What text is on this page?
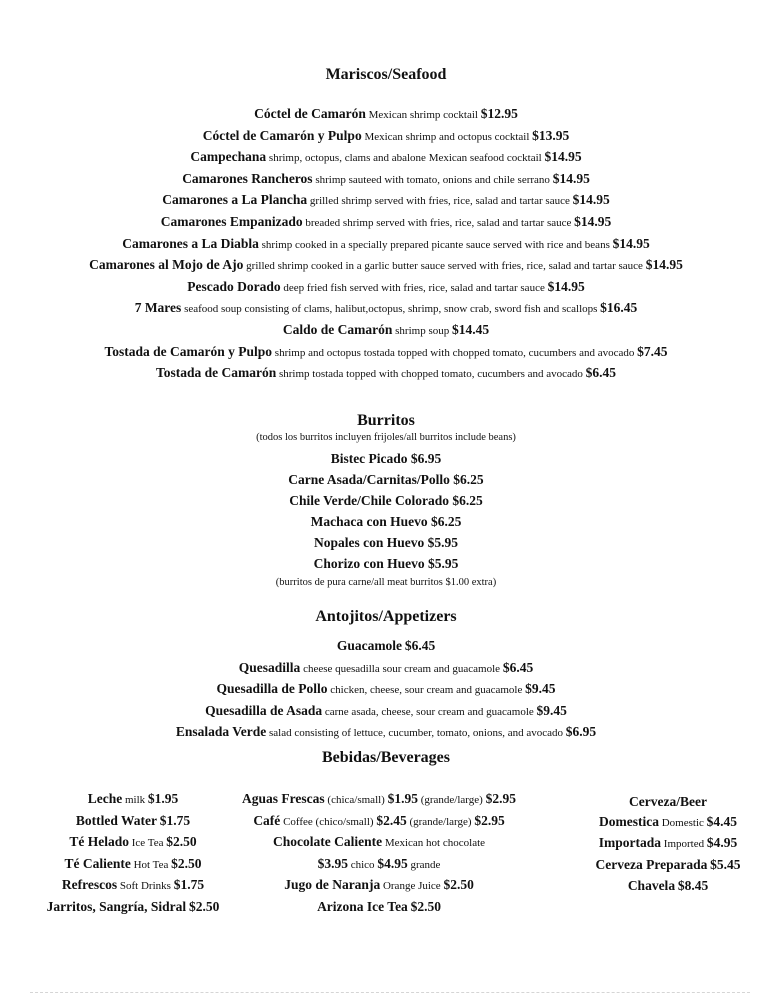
Mariscos/Seafood
Cóctel de Camarón Mexican shrimp cocktail $12.95
Cóctel de Camarón y Pulpo Mexican shrimp and octopus cocktail $13.95
Campechana shrimp, octopus, clams and abalone Mexican seafood cocktail $14.95
Camarones Rancheros shrimp sauteed with tomato, onions and chile serrano $14.95
Camarones a La Plancha grilled shrimp served with fries, rice, salad and tartar sauce $14.95
Camarones Empanizado breaded shrimp served with fries, rice, salad and tartar sauce $14.95
Camarones a La Diabla shrimp cooked in a specially prepared picante sauce served with rice and beans $14.95
Camarones al Mojo de Ajo grilled shrimp cooked in a garlic butter sauce served with fries, rice, salad and tartar sauce $14.95
Pescado Dorado deep fried fish served with fries, rice, salad and tartar sauce $14.95
7 Mares seafood soup consisting of clams, halibut,octopus, shrimp, snow crab, sword fish and scallops $16.45
Caldo de Camarón shrimp soup $14.45
Tostada de Camarón y Pulpo shrimp and octopus tostada topped with chopped tomato, cucumbers and avocado $7.45
Tostada de Camarón shrimp tostada topped with chopped tomato, cucumbers and avocado $6.45
Burritos
(todos los burritos incluyen frijoles/all burritos include beans)
Bistec Picado $6.95
Carne Asada/Carnitas/Pollo $6.25
Chile Verde/Chile Colorado $6.25
Machaca con Huevo $6.25
Nopales con Huevo $5.95
Chorizo con Huevo $5.95
(burritos de pura carne/all meat burritos $1.00 extra)
Antojitos/Appetizers
Guacamole $6.45
Quesadilla cheese quesadilla sour cream and guacamole $6.45
Quesadilla de Pollo chicken, cheese, sour cream and guacamole $9.45
Quesadilla de Asada carne asada, cheese, sour cream and guacamole $9.45
Ensalada Verde salad consisting of lettuce, cucumber, tomato, onions, and avocado $6.95
Bebidas/Beverages
Leche milk $1.95
Bottled Water $1.75
Té Helado Ice Tea $2.50
Té Caliente Hot Tea $2.50
Refrescos Soft Drinks $1.75
Jarritos, Sangría, Sidral $2.50
Aguas Frescas (chica/small) $1.95 (grande/large) $2.95
Café Coffee (chico/small) $2.45 (grande/large) $2.95
Chocolate Caliente Mexican hot chocolate
$3.95 chico $4.95 grande
Jugo de Naranja Orange Juice $2.50
Arizona Ice Tea $2.50
Cerveza/Beer
Domestica Domestic $4.45
Importada Imported $4.95
Cerveza Preparada $5.45
Chavela $8.45
